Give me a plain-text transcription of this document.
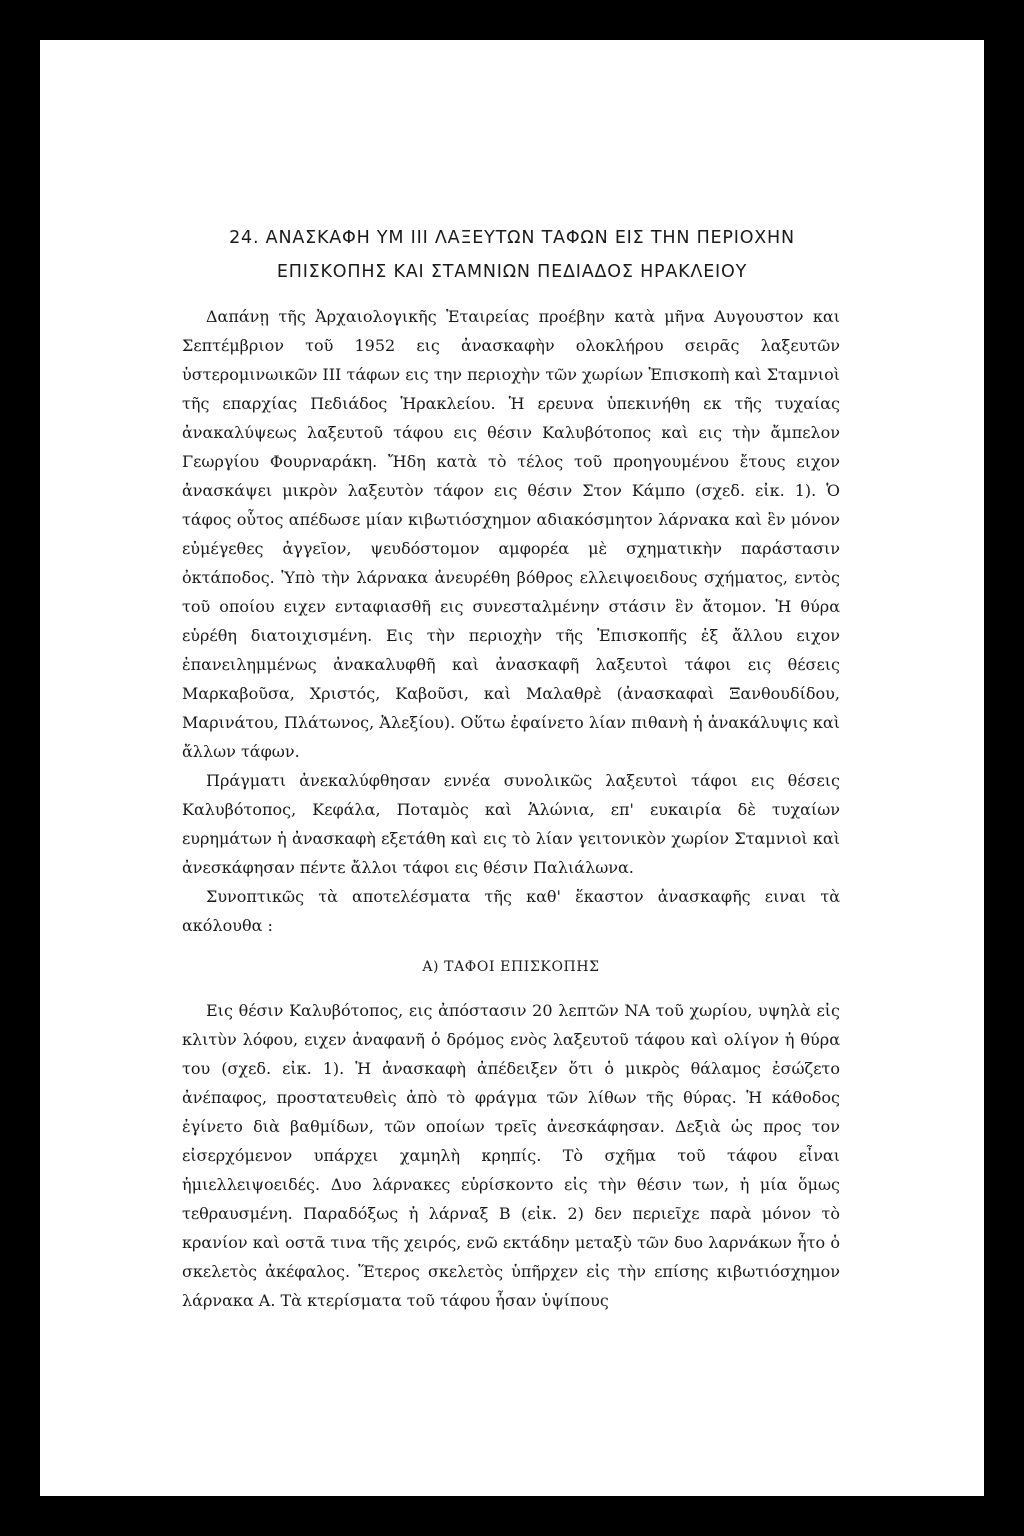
24. ΑΝΑΣΚΑΦΗ ΥΜ ΙΙΙ ΛΑΞΕΥΤΩΝ ΤΑΦΩΝ ΕΙΣ ΤΗΝ ΠΕΡΙΟΧΗΝ
ΕΠΙΣΚΟΠΗΣ ΚΑΙ ΣΤΑΜΝΙΩΝ ΠΕΔΙΑΔΟΣ ΗΡΑΚΛΕΙΟΥ

Δαπάνῃ τῆς Ἀρχαιολογικῆς Ἑταιρείας προέβην κατὰ μῆνα Αυγουστον και Σεπτέμβριον τοῦ 1952 εις ἀνασκαφὴν ολοκλήρου σειρᾶς λαξευτῶν ὑστερομινωικῶν ΙΙΙ τάφων εις την περιοχὴν τῶν χωρίων Ἐπισκοπὴ καὶ Σταμνιοὶ τῆς επαρχίας Πεδιάδος Ἡρακλείου. Ἡ ερευνα ὑπεκινήθη εκ τῆς τυχαίας ἀνακαλύψεως λαξευτοῦ τάφου εις θέσιν Καλυβότοπος καὶ εις τὴν ἄμπελον Γεωργίου Φουρναράκη. Ἤδη κατὰ τὸ τέλος τοῦ προηγουμένου ἔτους ειχον ἀνασκάψει μικρὸν λαξευτὸν τάφον εις θέσιν Στον Κάμπο (σχεδ. εἰκ. 1). Ὁ τάφος οὗτος απέδωσε μίαν κιβωτιόσχημον αδιακόσμητον λάρνακα καὶ ἓν μόνον εὐμέγεθες ἀγγεῖον, ψευδόστομον αμφορέα μὲ σχηματικὴν παράστασιν ὀκτάποδος. Ὑπὸ τὴν λάρνακα ἀνευρέθη βόθρος ελλειψοειδους σχήματος, εντὸς τοῦ οποίου ειχεν ενταφιασθῆ εις συνεσταλμένην στάσιν ἓν ἄτομον. Ἡ θύρα εὑρέθη διατοιχισμένη. Εις τὴν περιοχὴν τῆς Ἐπισκοπῆς ἐξ ἄλλου ειχον ἐπανειλημμένως ἀνακαλυφθῆ καὶ ἀνασκαφῆ λαξευτοὶ τάφοι εις θέσεις Μαρκαβοῦσα, Χριστός, Καβοῦσι, καὶ Μαλαθρὲ (ἀνασκαφαὶ Ξανθουδίδου, Μαρινάτου, Πλάτωνος, Ἀλεξίου). Οὕτω ἐφαίνετο λίαν πιθανὴ ἡ ἀνακάλυψις καὶ ἄλλων τάφων.

Πράγματι ἀνεκαλύφθησαν εννέα συνολικῶς λαξευτοὶ τάφοι εις θέσεις Καλυβότοπος, Κεφάλα, Ποταμὸς καὶ Ἁλώνια, επ' ευκαιρία δὲ τυχαίων ευρημάτων ἡ ἀνασκαφὴ εξετάθη καὶ εις τὸ λίαν γειτονικὸν χωρίον Σταμνιοὶ καὶ ἀνεσκάφησαν πέντε ἄλλοι τάφοι εις θέσιν Παλιάλωνα.

Συνοπτικῶς τὰ αποτελέσματα τῆς καθ' ἕκαστον ἀνασκαφῆς ειναι τὰ ακόλουθα :

Α) ΤΑΦΟΙ ΕΠΙΣΚΟΠΗΣ

Εις θέσιν Καλυβότοπος, εις ἀπόστασιν 20 λεπτῶν ΝΑ τοῦ χωρίου, υψηλὰ εἰς κλιτὺν λόφου, ειχεν ἀναφανῆ ὁ δρόμος ενὸς λαξευτοῦ τάφου καὶ ολίγον ἡ θύρα του (σχεδ. εἰκ. 1). Ἡ ἀνασκαφὴ ἀπέδειξεν ὅτι ὁ μικρὸς θάλαμος ἐσώζετο ἀνέπαφος, προστατευθεὶς ἀπὸ τὸ φράγμα τῶν λίθων τῆς θύρας. Ἡ κάθοδος ἐγίνετο διὰ βαθμίδων, τῶν οποίων τρεῖς ἀνεσκάφησαν. Δεξιὰ ὡς προς τον εἰσερχόμενον υπάρχει χαμηλὴ κρηπίς. Τὸ σχῆμα τοῦ τάφου εἶναι ἡμιελλειψοειδές. Δυο λάρνακες εὑρίσκοντο εἰς τὴν θέσιν των, ἡ μία ὅμως τεθραυσμένη. Παραδόξως ἡ λάρναξ Β (εἰκ. 2) δεν περιεῖχε παρὰ μόνον τὸ κρανίον καὶ οστᾶ τινα τῆς χειρός, ενῶ εκτάδην μεταξὺ τῶν δυο λαρνάκων ἦτο ὁ σκελετὸς ἀκέφαλος. Ἕτερος σκελετὸς ὑπῆρχεν εἰς τὴν επίσης κιβωτιόσχημον λάρνακα Α. Τὰ κτερίσματα τοῦ τάφου ἦσαν ὑψίπους
